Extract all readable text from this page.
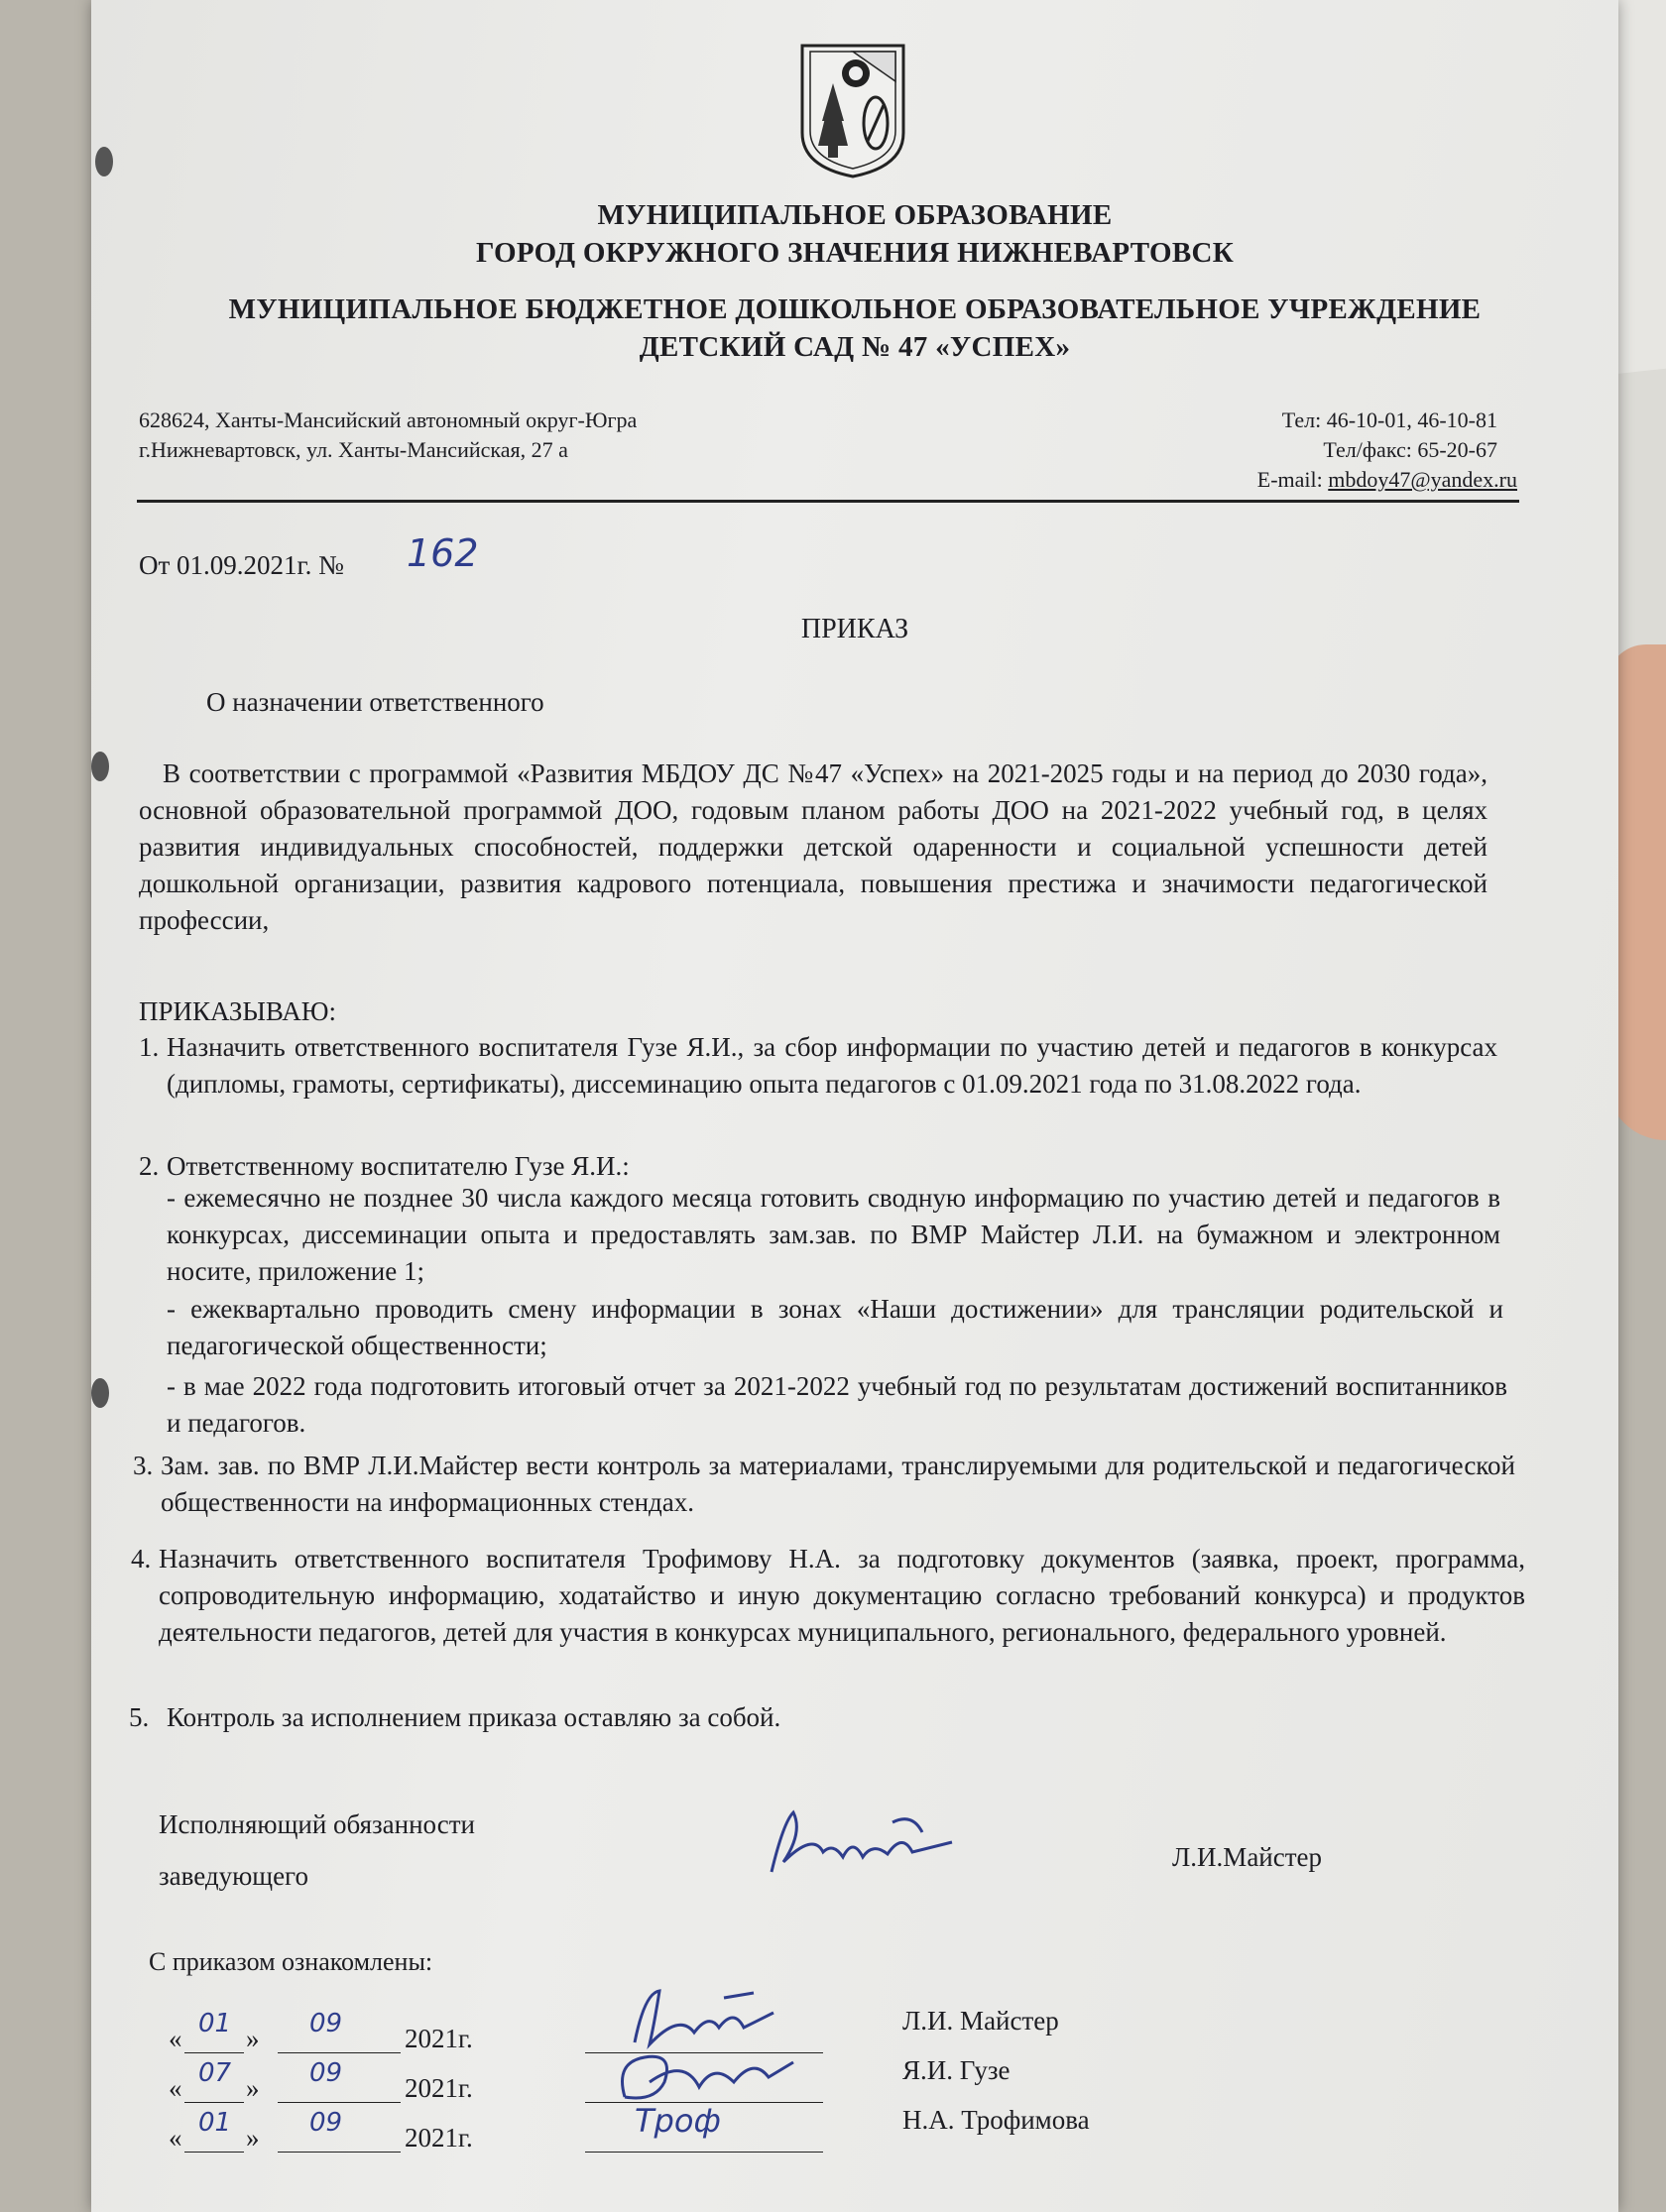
МУНИЦИПАЛЬНОЕ ОБРАЗОВАНИЕ
ГОРОД ОКРУЖНОГО ЗНАЧЕНИЯ НИЖНЕВАРТОВСК
МУНИЦИПАЛЬНОЕ БЮДЖЕТНОЕ ДОШКОЛЬНОЕ ОБРАЗОВАТЕЛЬНОЕ УЧРЕЖДЕНИЕ
ДЕТСКИЙ САД № 47 «УСПЕХ»
628624, Ханты-Мансийский автономный округ-Югра
г.Нижневартовск, ул. Ханты-Мансийская, 27 а
Тел: 46-10-01, 46-10-81
Тел/факс: 65-20-67
E-mail: mbdoy47@yandex.ru
От 01.09.2021г. № 162
ПРИКАЗ
О назначении ответственного
В соответствии с программой «Развития МБДОУ ДС №47 «Успех» на 2021-2025 годы и на период до 2030 года», основной образовательной программой ДОО, годовым планом работы ДОО на 2021-2022 учебный год, в целях развития индивидуальных способностей, поддержки детской одаренности и социальной успешности детей дошкольной организации, развития кадрового потенциала, повышения престижа и значимости педагогической профессии,
ПРИКАЗЫВАЮ:
1. Назначить ответственного воспитателя Гузе Я.И., за сбор информации по участию детей и педагогов в конкурсах (дипломы, грамоты, сертификаты), диссеминацию опыта педагогов с 01.09.2021 года по 31.08.2022 года.
2. Ответственному воспитателю Гузе Я.И.:
- ежемесячно не позднее 30 числа каждого месяца готовить сводную информацию по участию детей и педагогов в конкурсах, диссеминации опыта и предоставлять зам.зав. по ВМР Майстер Л.И. на бумажном и электронном носите, приложение 1;
- ежеквартально проводить смену информации в зонах «Наши достижении» для трансляции родительской и педагогической общественности;
- в мае 2022 года подготовить итоговый отчет за 2021-2022 учебный год по результатам достижений воспитанников и педагогов.
3. Зам. зав. по ВМР Л.И.Майстер вести контроль за материалами, транслируемыми для родительской и педагогической общественности на информационных стендах.
4. Назначить ответственного воспитателя Трофимову Н.А. за подготовку документов (заявка, проект, программа, сопроводительную информацию, ходатайство и иную документацию согласно требований конкурса) и продуктов деятельности педагогов, детей для участия в конкурсах муниципального, регионального, федерального уровней.
5. Контроль за исполнением приказа оставляю за собой.
Исполняющий обязанности
заведующего
Л.И.Майстер
С приказом ознакомлены:
« 01 » 09 2021г.
Л.И. Майстер
« 07 » 09 2021г.
Я.И. Гузе
« 01 » 09 2021г.	Троф	Н.А. Трофимова
